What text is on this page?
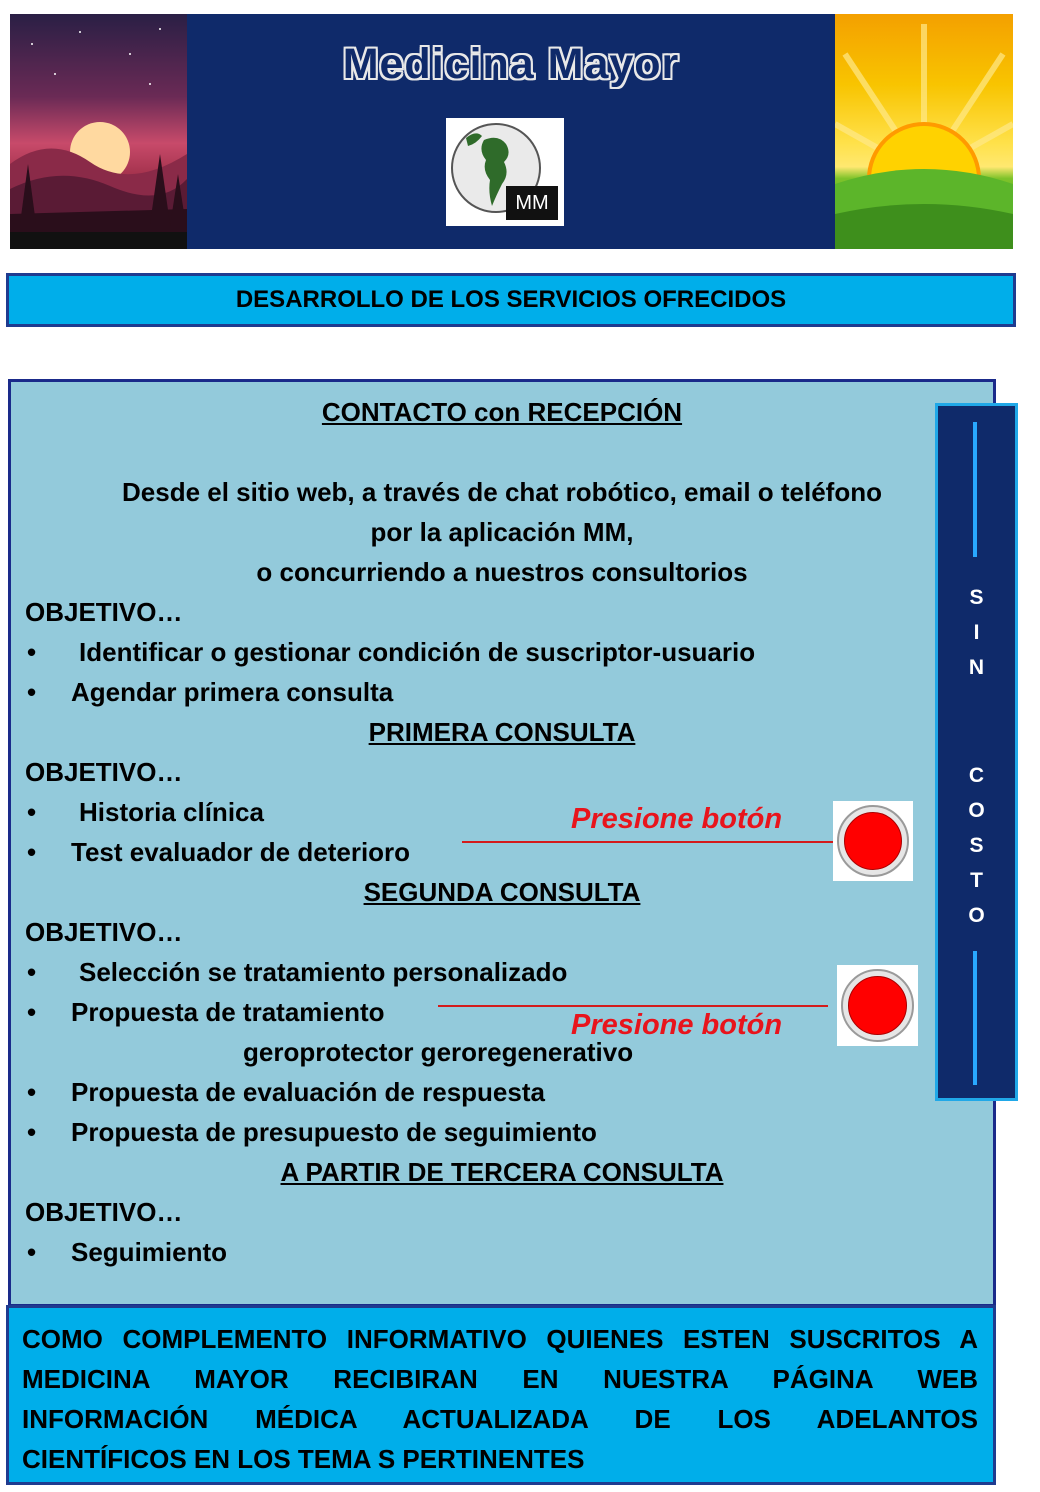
Medicina Mayor
MM
DESARROLLO DE LOS SERVICIOS OFRECIDOS
CONTACTO con RECEPCIÓN
Desde el sitio web, a través de chat robótico, email o teléfono
por la aplicación MM,
o concurriendo a nuestros consultorios
OBJETIVO…
• Identificar o gestionar condición de suscriptor-usuario
• Agendar primera consulta
PRIMERA CONSULTA
OBJETIVO…
• Historia clínica
• Test evaluador de deterioro
SEGUNDA CONSULTA
OBJETIVO…
• Selección se tratamiento personalizado
• Propuesta de tratamiento
geroprotector geroregenerativo
• Propuesta de evaluación de respuesta
• Propuesta de presupuesto de seguimiento
A PARTIR DE TERCERA CONSULTA
OBJETIVO…
• Seguimiento
Presione botón
Presione botón
S
I
N
C
O
S
T
O
COMO COMPLEMENTO INFORMATIVO QUIENES ESTEN SUSCRITOS A
MEDICINA MAYOR RECIBIRAN EN NUESTRA PÁGINA WEB
INFORMACIÓN MÉDICA ACTUALIZADA DE LOS ADELANTOS
CIENTÍFICOS EN LOS TEMA S PERTINENTES
